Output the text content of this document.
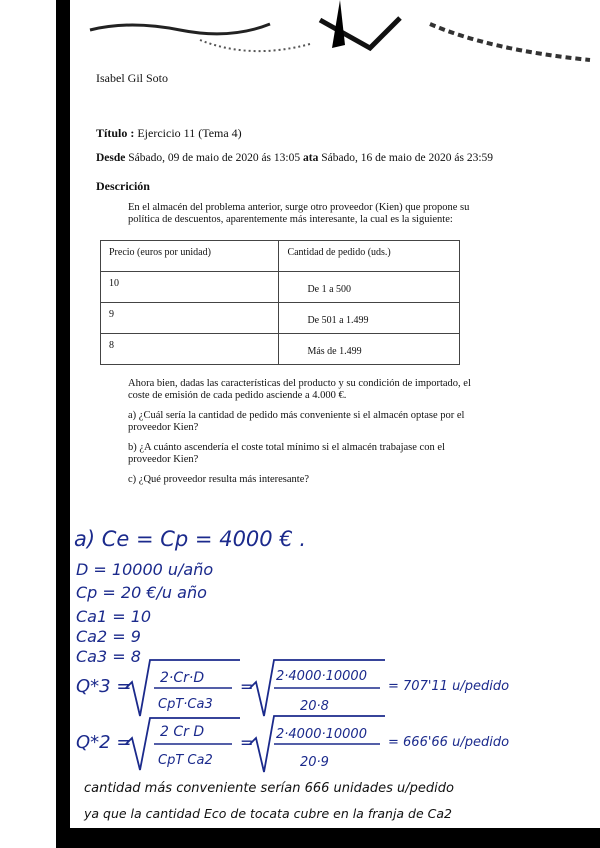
Isabel Gil Soto
Título : Ejercicio 11 (Tema 4)
Desde Sábado, 09 de maio de 2020 ás 13:05 ata Sábado, 16 de maio de 2020 ás 23:59
Descrición
En el almacén del problema anterior, surge otro proveedor (Kien) que propone su política de descuentos, aparentemente más interesante, la cual es la siguiente:
Precio (euros por unidad)	Cantidad de pedido (uds.)
10	De 1 a 500
9	De 501 a 1.499
8	Más de 1.499

Ahora bien, dadas las características del producto y su condición de importado, el coste de emisión de cada pedido asciende a 4.000 €.

a) ¿Cuál sería la cantidad de pedido más conveniente si el almacén optase por el proveedor Kien?

b) ¿A cuánto ascendería el coste total mínimo si el almacén trabajase con el proveedor Kien?

c) ¿Qué proveedor resulta más interesante?

a) Ce = Cp = 4000 € .
D = 10000 u/año
Cp = 20 €/u año
Ca1 = 10
Ca2 = 9
Ca3 = 8
Q*3 = 2·Cr·D
CpT·Ca3
=
2·4000·10000
20·8
= 707'11 u/pedido
Q*2 = 2 Cr D
CpT Ca2
= 2·4000·10000
20·9
= 666'66 u/pedido
cantidad más conveniente serían 666 unidades u/pedido
ya que la cantidad Eco de tocata cubre en la franja de Ca2
